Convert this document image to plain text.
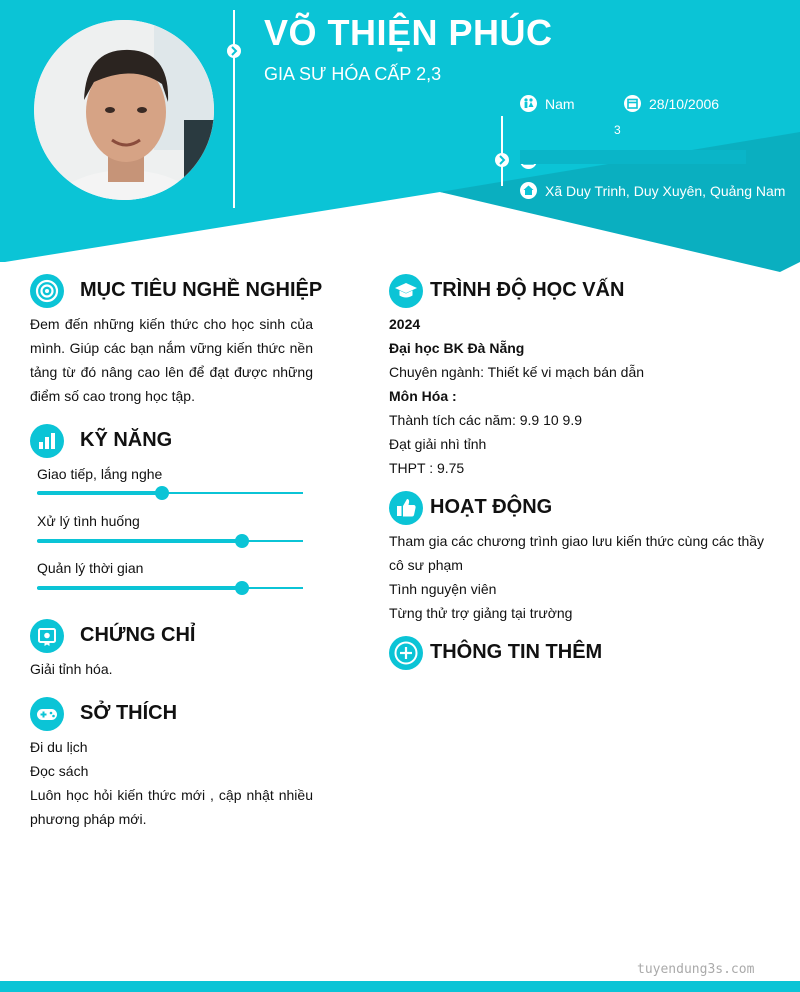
VÕ THIỆN PHÚC
GIA SƯ HÓA CẤP 2,3
Nam	28/10/2006
3
Xã Duy Trinh, Duy Xuyên, Quảng Nam
MỤC TIÊU NGHỀ NGHIỆP
Đem đến những kiến thức cho học sinh của mình. Giúp các bạn nắm vững kiến thức nền tảng từ đó nâng cao lên để đạt được những điểm số cao trong học tập.
KỸ NĂNG
Giao tiếp, lắng nghe
Xử lý tình huống
Quản lý thời gian
CHỨNG CHỈ
Giải tỉnh hóa.
SỞ THÍCH
Đi du lịch
Đọc sách
Luôn học hỏi kiến thức mới , cập nhật nhiều phương pháp mới.
TRÌNH ĐỘ HỌC VẤN
2024
Đại học BK Đà Nẵng
Chuyên ngành: Thiết kế vi mạch bán dẫn
Môn Hóa :
Thành tích các năm: 9.9 10 9.9
Đạt giải nhì tỉnh
THPT : 9.75
HOẠT ĐỘNG
Tham gia các chương trình giao lưu kiến thức cùng các thầy cô sư phạm
Tình nguyện viên
Từng thử trợ giảng tại trường
THÔNG TIN THÊM
tuyendung3s.com
